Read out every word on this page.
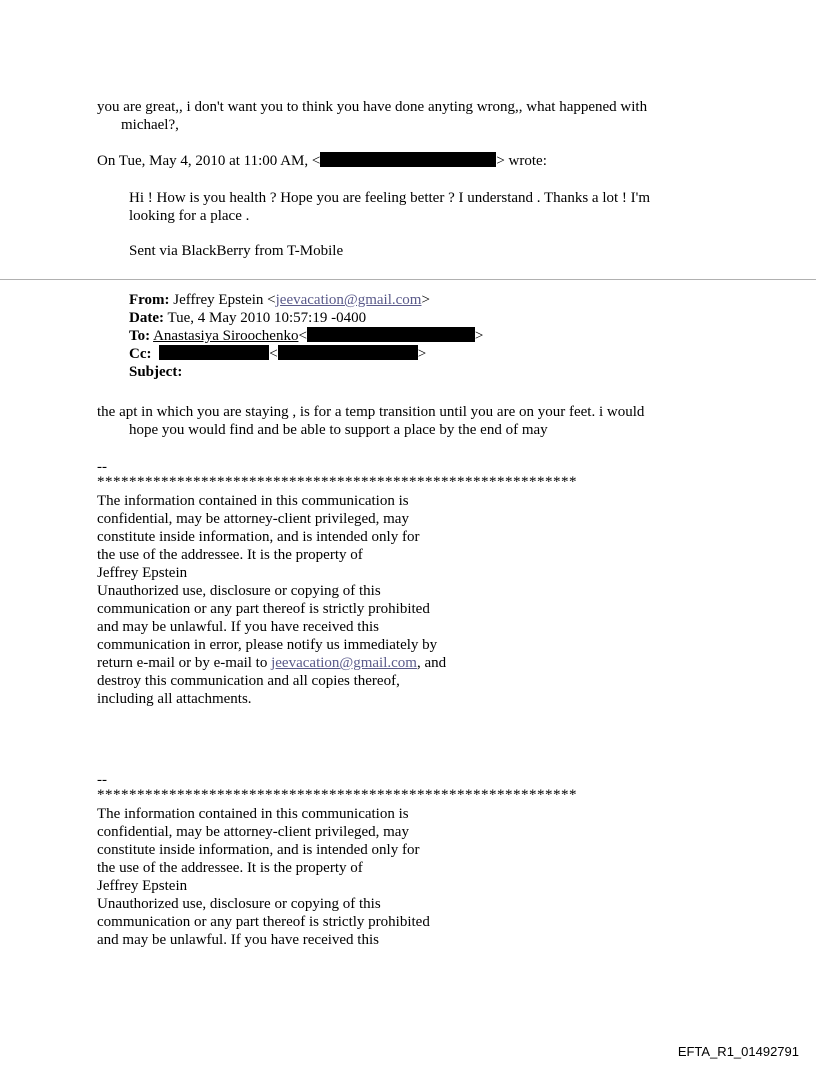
you are great,, i don't want you to think you have done anyting wrong,, what happened with
michael?,
On Tue, May 4, 2010 at 11:00 AM, <	> wrote:
Hi ! How is you health ? Hope you are feeling better ? I understand . Thanks a lot ! I'm
looking for a place .
Sent via BlackBerry from T-Mobile
From: Jeffrey Epstein <jeevacation@gmail.com>
Date: Tue, 4 May 2010 10:57:19 -0400
To: Anastasiya Siroochenko<	>
Cc:	<	>
Subject:
the apt in which you are staying , is for a temp transition until you are on your feet. i would
hope you would find and be able to support a place by the end of may
--
************************************************************
The information contained in this communication is
confidential, may be attorney-client privileged, may
constitute inside information, and is intended only for
the use of the addressee. It is the property of
Jeffrey Epstein
Unauthorized use, disclosure or copying of this
communication or any part thereof is strictly prohibited
and may be unlawful. If you have received this
communication in error, please notify us immediately by
return e-mail or by e-mail to jeevacation@gmail.com, and
destroy this communication and all copies thereof,
including all attachments.
--
************************************************************
The information contained in this communication is
confidential, may be attorney-client privileged, may
constitute inside information, and is intended only for
the use of the addressee. It is the property of
Jeffrey Epstein
Unauthorized use, disclosure or copying of this
communication or any part thereof is strictly prohibited
and may be unlawful. If you have received this
EFTA_R1_01492791
